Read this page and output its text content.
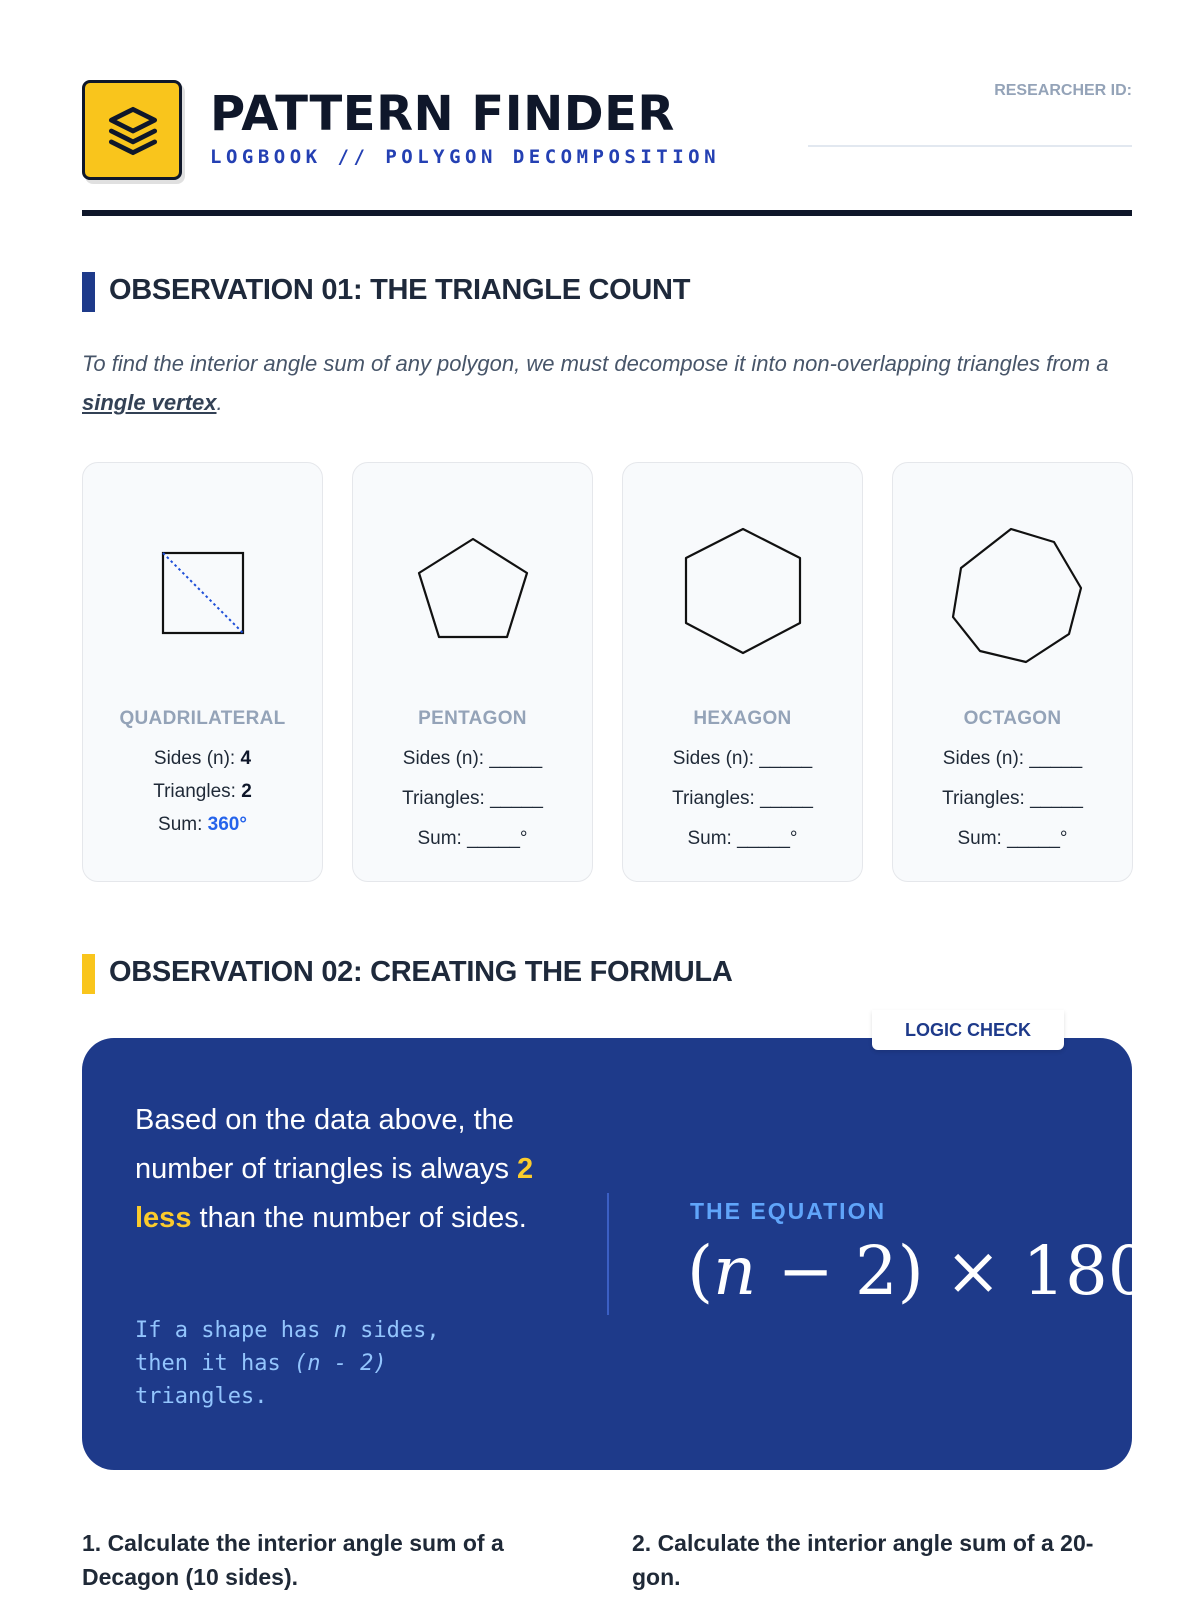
PATTERN FINDER
LOGBOOK // POLYGON DECOMPOSITION
RESEARCHER ID:
OBSERVATION 01: THE TRIANGLE COUNT

To find the interior angle sum of any polygon, we must decompose it into non-overlapping triangles from a single vertex.

QUADRILATERAL
Sides (n): 4
Triangles: 2
Sum: 360°
PENTAGON
Sides (n): _____
Triangles: _____
Sum: _____°
HEXAGON
Sides (n): _____
Triangles: _____
Sum: _____°
OCTAGON
Sides (n): _____
Triangles: _____
Sum: _____°
OBSERVATION 02: CREATING THE FORMULA
LOGIC CHECK

Based on the data above, the number of triangles is always 2 less than the number of sides.

If a shape has n sides, then it has (n - 2) triangles.

THE EQUATION
(n − 2) × 180°
1. Calculate the interior angle sum of a Decagon (10 sides).
2. Calculate the interior angle sum of a 20-gon.
